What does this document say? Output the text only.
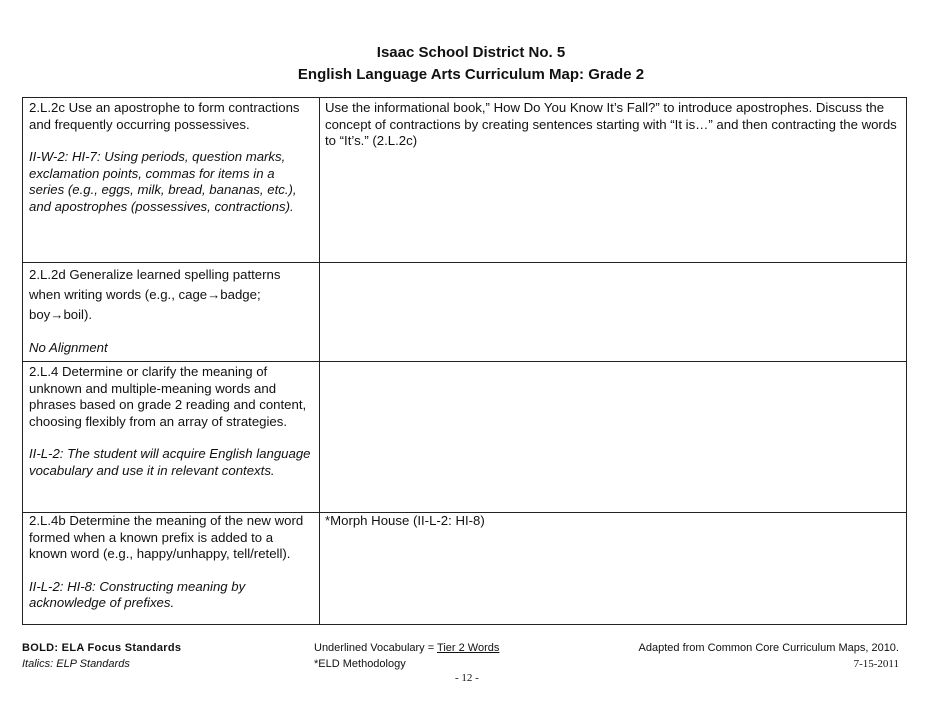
Isaac School District No. 5
English Language Arts Curriculum Map: Grade 2

2.L.2c Use an apostrophe to form contractions and frequently occurring possessives.

II-W-2: HI-7: Using periods, question marks, exclamation points, commas for items in a series (e.g., eggs, milk, bread, bananas, etc.), and apostrophes (possessives, contractions).

Use the informational book,” How Do You Know It’s Fall?” to introduce apostrophes. Discuss the concept of contractions by creating sentences starting with “It is…” and then contracting the words to “It’s.” (2.L.2c)

2.L.2d Generalize learned spelling patterns when writing words (e.g., cage→badge; boy→boil).

No Alignment

2.L.4 Determine or clarify the meaning of unknown and multiple-meaning words and phrases based on grade 2 reading and content, choosing flexibly from an array of strategies.

II-L-2: The student will acquire English language vocabulary and use it in relevant contexts.

2.L.4b Determine the meaning of the new word formed when a known prefix is added to a known word (e.g., happy/unhappy, tell/retell).

II-L-2: HI-8: Constructing meaning by acknowledge of prefixes.

*Morph House (II-L-2: HI-8)

BOLD: ELA Focus Standards
Italics: ELP Standards
Underlined Vocabulary = Tier 2 Words
*ELD Methodology
Adapted from Common Core Curriculum Maps, 2010.
7-15-2011
- 12 -
